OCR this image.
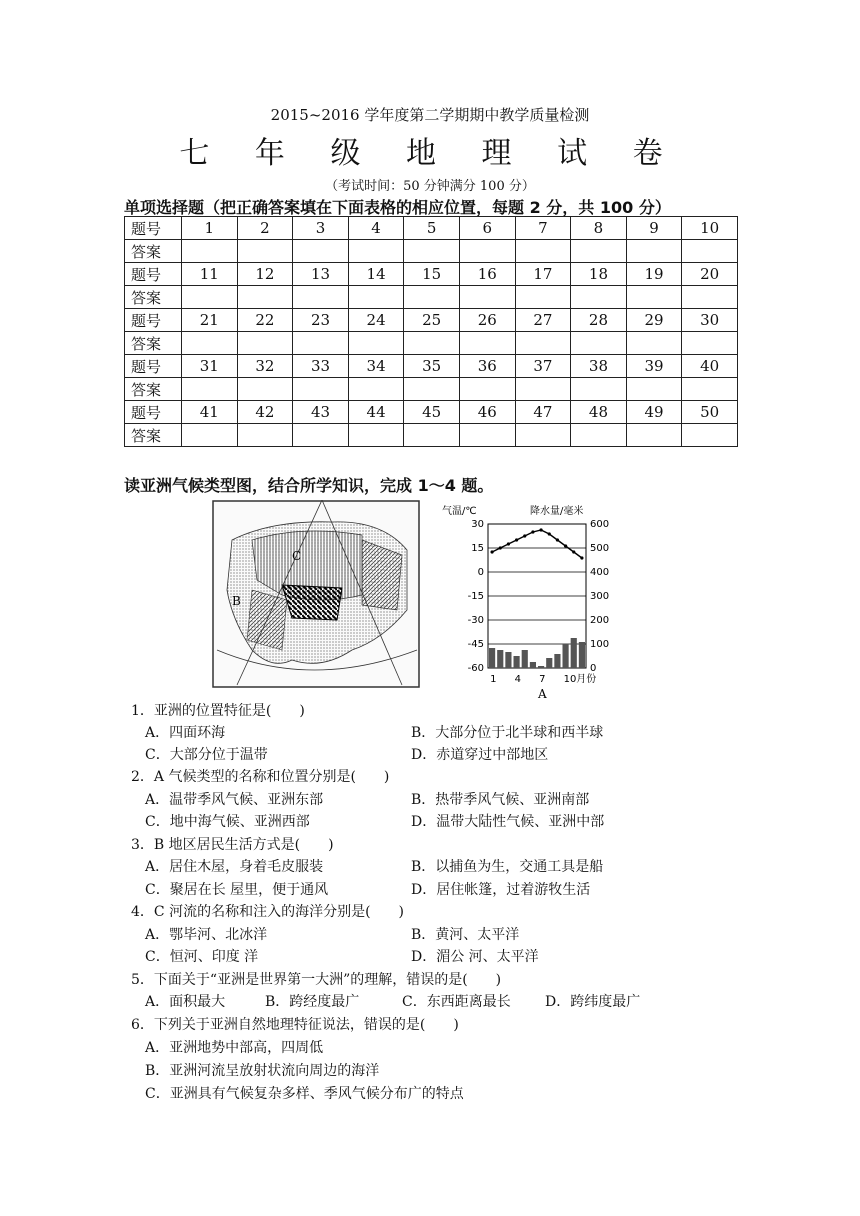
2015~2016 学年度第二学期期中教学质量检测
七 年 级 地 理 试 卷
（考试时间：50 分钟满分 100 分）
单项选择题（把正确答案填在下面表格的相应位置，每题 2 分，共 100 分）
题号	1	2	3	4	5	6	7	8	9	10
答案										
题号	11	12	13	14	15	16	17	18	19	20
答案										
题号	21	22	23	24	25	26	27	28	29	30
答案										
题号	31	32	33	34	35	36	37	38	39	40
答案										
题号	41	42	43	44	45	46	47	48	49	50
答案										
读亚洲气候类型图，结合所学知识，完成 1～4 题。
C
B
气温/℃	降水量/毫米
30
15
0
-15
-30
-45
-60
600
500
400
300
200
100
0
1 4 7 10月份
A
1．亚洲的位置特征是(　　)
A．四面环海	B．大部分位于北半球和西半球
C．大部分位于温带	D．赤道穿过中部地区
2．A 气候类型的名称和位置分别是(　　)
A．温带季风气候、亚洲东部	B．热带季风气候、亚洲南部
C．地中海气候、亚洲西部	D．温带大陆性气候、亚洲中部
3．B 地区居民生活方式是(　　)
A．居住木屋，身着毛皮服装	B．以捕鱼为生，交通工具是船
C．聚居在长 屋里，便于通风	D．居住帐篷，过着游牧生活
4．C 河流的名称和注入的海洋分别是(　　)
A．鄂毕河、北冰洋	B．黄河、太平洋
C．恒河、印度 洋	D．湄公 河、太平洋
5．下面关于“亚洲是世界第一大洲”的理解，错误的是(　　)
A．面积最大	B．跨经度最广	C．东西距离最长 D．跨纬度最广
6．下列关于亚洲自然地理特征说法，错误的是(　　)
A．亚洲地势中部高，四周低
B．亚洲河流呈放射状流向周边的海洋
C．亚洲具有气候复杂多样、季风气候分布广的特点
